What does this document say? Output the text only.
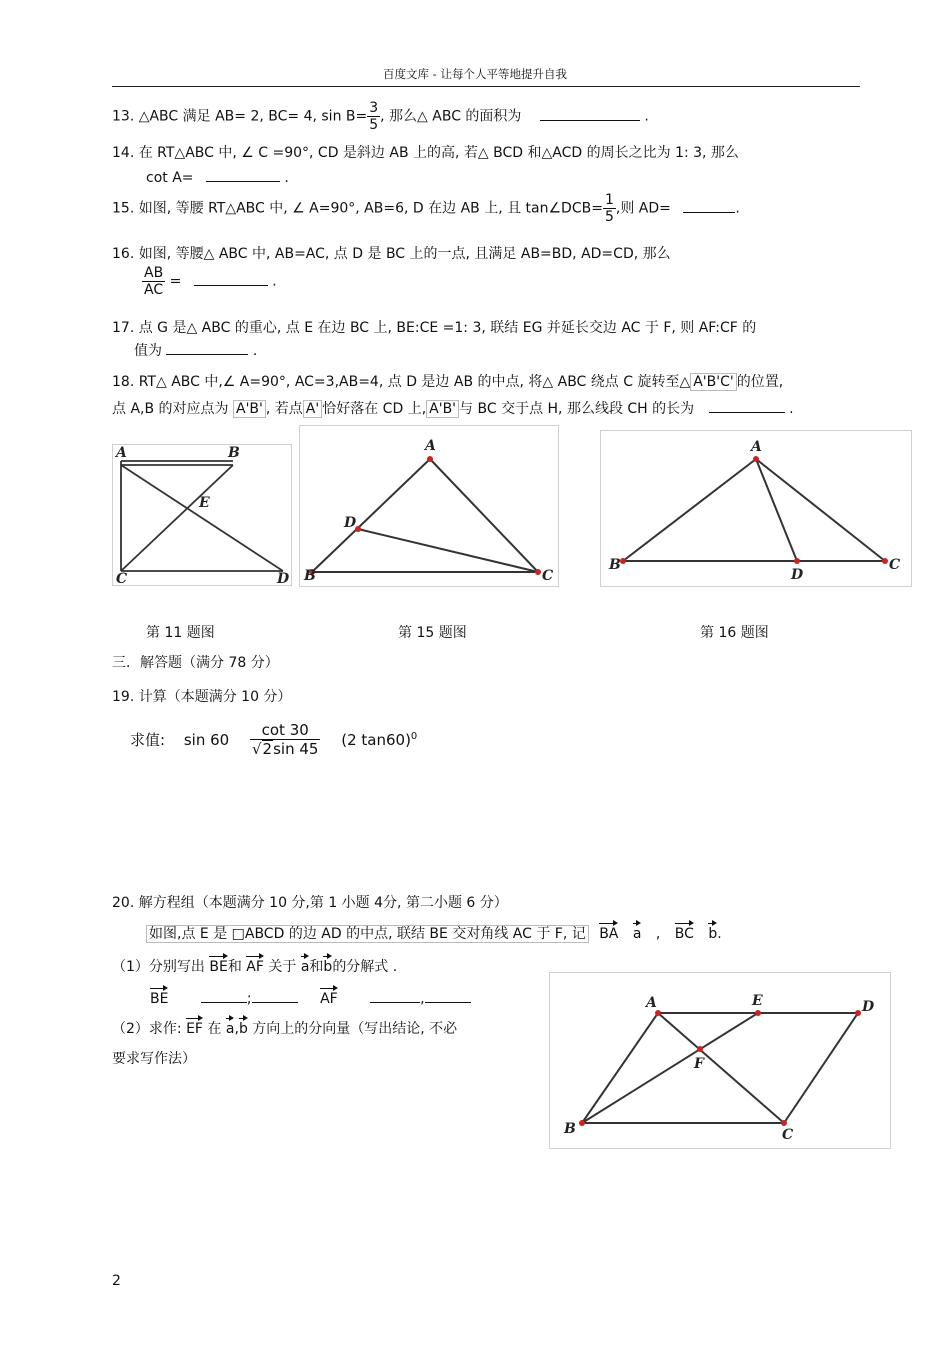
百度文库 - 让每个人平等地提升自我
13. △ABC 满足 AB= 2, BC= 4, $\sin B= \frac{3}{5}$ , 那么△ ABC 的面积为	.
14. 在 RT△ABC 中, ∠ C =90°, CD 是斜边 AB 上的高, 若△ BCD 和△ACD 的周长之比为 1: 3, 那么
cot A=	.
15. 如图, 等腰 RT△ABC 中, ∠ A=90°, AB=6, D 在边 AB 上, 且 tan∠DCB= $\frac{1}{5}$ ,则 AD=	.
16. 如图, 等腰△ ABC 中, AB=AC, 点 D 是 BC 上的一点, 且满足 AB=BD, AD=CD, 那么
$\frac{AB}{AC}$ =	.
17. 点 G 是△ ABC 的重心, 点 E 在边 BC 上, BE:CE =1: 3, 联结 EG 并延长交边 AC 于 F, 则 AF:CF 的
值为	.
18. RT△ ABC 中,∠ A=90°, AC=3,AB=4, 点 D 是边 AB 的中点, 将△ ABC 绕点 C 旋转至△ A'B'C' 的位置,
点 A,B 的对应点为 A'B' , 若点 A' 恰好落在 CD 上, A'B' 与 BC 交于点 H, 那么线段 CH 的长为	.
A	B
E
C	D
A
D
B	C
A
B
D
C
第 11 题图	第 15 题图	第 16 题图
三．解答题（满分 78 分）
19. 计算（本题满分 10 分）
求值: $\sin 60 \frac{\cot 30}{√2\sin 45} (2$ tan60)$^0$
20. 解方程组（本题满分 10 分,第 1 小题 4分, 第二小题 6 分）
如图,点 E 是 □ABCD 的边 AD 的中点, 联结 BE 交对角线 AC 于 F, 记 BA a , BC b.
（1）分别写出 BE和 AF 关于 a和b的分解式 .
BE	;	AF	,
（2）求作: EF 在 a,b 方向上的分向量（写出结论, 不必
要求写作法）
A	E	D
F
B	C
2
